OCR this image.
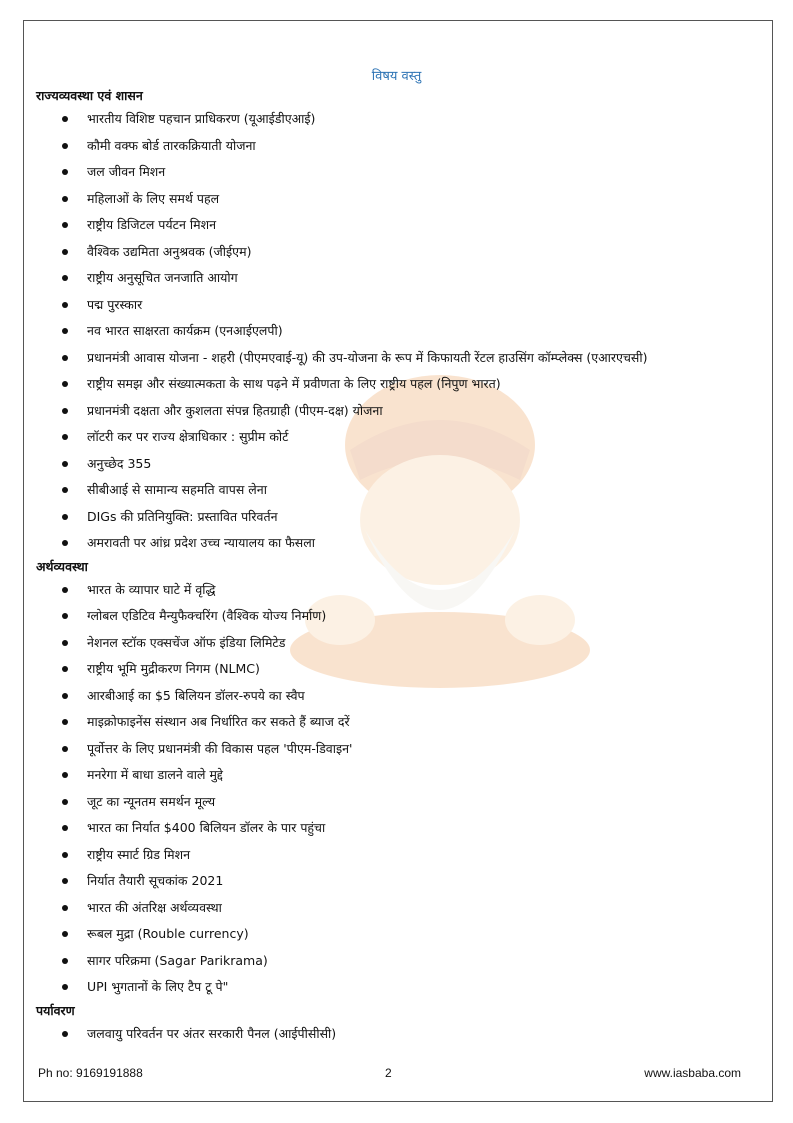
विषय वस्तु
राज्यव्यवस्था एवं शासन
भारतीय विशिष्ट पहचान प्राधिकरण (यूआईडीएआई)
कौमी वक्फ बोर्ड तारकक्रियाती योजना
जल जीवन मिशन
महिलाओं के लिए समर्थ पहल
राष्ट्रीय डिजिटल पर्यटन मिशन
वैश्विक उद्यमिता अनुश्रवक (जीईएम)
राष्ट्रीय अनुसूचित जनजाति आयोग
पद्म पुरस्कार
नव भारत साक्षरता कार्यक्रम (एनआईएलपी)
प्रधानमंत्री आवास योजना - शहरी (पीएमएवाई-यू) की उप-योजना के रूप में किफायती रेंटल हाउसिंग कॉम्प्लेक्स (एआरएचसी)
राष्ट्रीय समझ और संख्यात्मकता के साथ पढ़ने में प्रवीणता के लिए राष्ट्रीय पहल (निपुण भारत)
प्रधानमंत्री दक्षता और कुशलता संपन्न हितग्राही (पीएम-दक्ष) योजना
लॉटरी कर पर राज्य क्षेत्राधिकार : सुप्रीम कोर्ट
अनुच्छेद 355
सीबीआई से सामान्य सहमति वापस लेना
DIGs की प्रतिनियुक्ति: प्रस्तावित परिवर्तन
अमरावती पर आंध्र प्रदेश उच्च न्यायालय का फैसला
अर्थव्यवस्था
भारत के व्यापार घाटे में वृद्धि
ग्लोबल एडिटिव मैन्युफैक्चरिंग (वैश्विक योज्य निर्माण)
नेशनल स्टॉक एक्सचेंज ऑफ इंडिया लिमिटेड
राष्ट्रीय भूमि मुद्रीकरण निगम (NLMC)
आरबीआई का $5 बिलियन डॉलर-रुपये का स्वैप
माइक्रोफाइनेंस संस्थान अब निर्धारित कर सकते हैं ब्याज दरें
पूर्वोत्तर के लिए प्रधानमंत्री की विकास पहल 'पीएम-डिवाइन'
मनरेगा में बाधा डालने वाले मुद्दे
जूट का न्यूनतम समर्थन मूल्य
भारत का निर्यात $400 बिलियन डॉलर के पार पहुंचा
राष्ट्रीय स्मार्ट ग्रिड मिशन
निर्यात तैयारी सूचकांक 2021
भारत की अंतरिक्ष अर्थव्यवस्था
रूबल मुद्रा (Rouble currency)
सागर परिक्रमा (Sagar Parikrama)
UPI भुगतानों के लिए टैप टू पे"
पर्यावरण
जलवायु परिवर्तन पर अंतर सरकारी पैनल (आईपीसीसी)
Ph no: 9169191888	2	www.iasbaba.com
